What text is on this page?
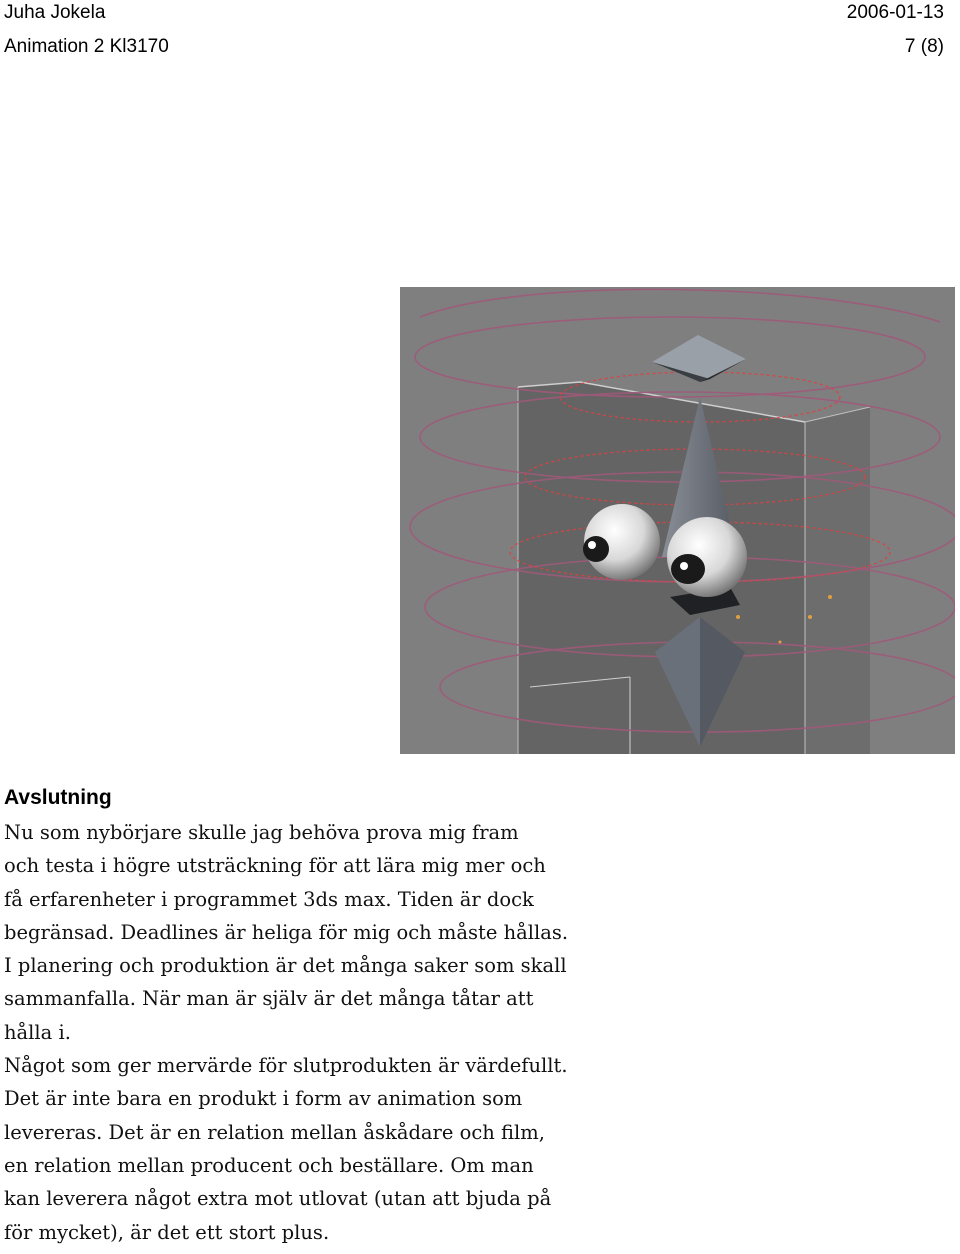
Juha Jokela	2006-01-13
Animation 2 Kl3170	7 (8)
Avslutning
Nu som nybörjare skulle jag behöva prova mig fram
och testa i högre utsträckning för att lära mig mer och
få erfarenheter i programmet 3ds max. Tiden är dock
begränsad. Deadlines är heliga för mig och måste hållas.
I planering och produktion är det många saker som skall
sammanfalla. När man är själv är det många tåtar att
hålla i.
Något som ger mervärde för slutprodukten är värdefullt.
Det är inte bara en produkt i form av animation som
levereras. Det är en relation mellan åskådare och film,
en relation mellan producent och beställare. Om man
kan leverera något extra mot utlovat (utan att bjuda på
för mycket), är det ett stort plus.
